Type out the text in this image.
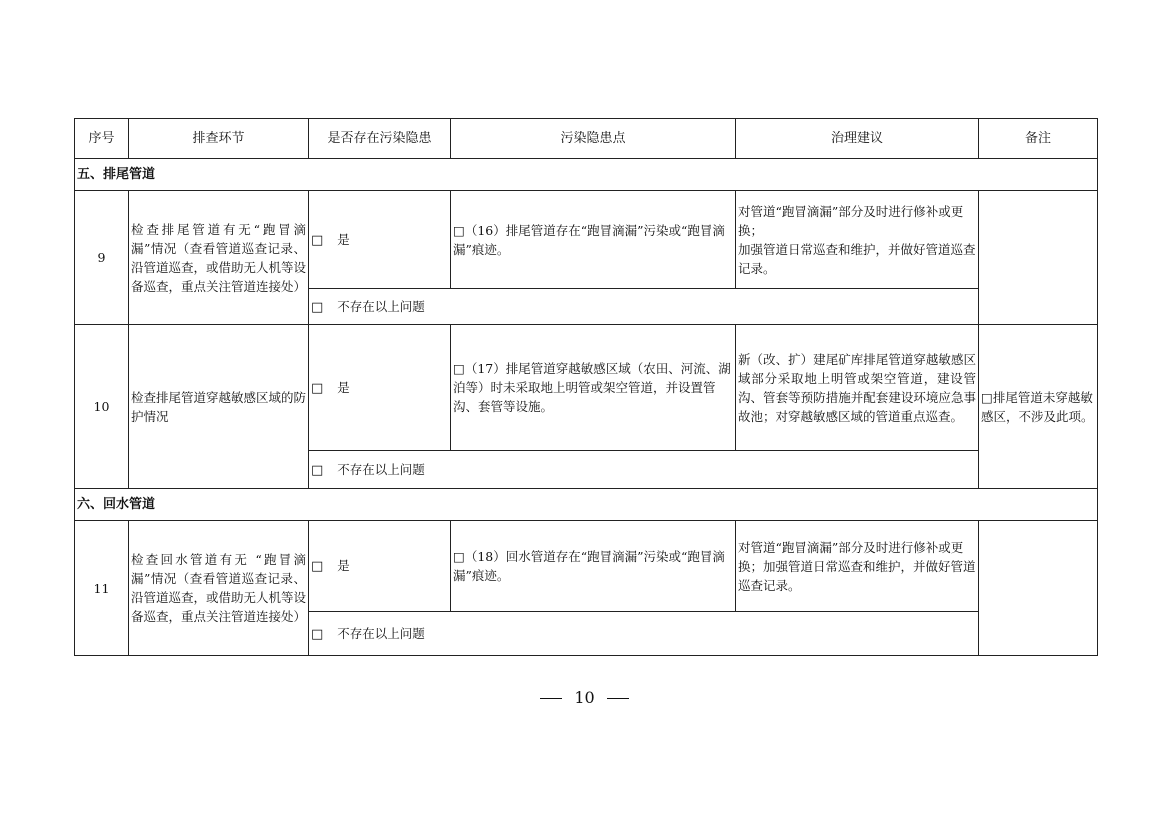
序号	排查环节	是否存在污染隐患	污染隐患点	治理建议	备注
五、排尾管道					
9	检查排尾管道有无“跑冒滴漏”情况（查看管道巡查记录、沿管道巡查，或借助无人机等设备巡查，重点关注管道连接处）	□ 是	□（16）排尾管道存在“跑冒滴漏”污染或“跑冒滴漏”痕迹。	对管道“跑冒滴漏”部分及时进行修补或更换；
加强管道日常巡查和维护，并做好管道巡查记录。	
		□ 不存在以上问题			
10	检查排尾管道穿越敏感区域的防护情况	□ 是	□（17）排尾管道穿越敏感区域（农田、河流、湖泊等）时未采取地上明管或架空管道，并设置管沟、套管等设施。	新（改、扩）建尾矿库排尾管道穿越敏感区域部分采取地上明管或架空管道，建设管沟、管套等预防措施并配套建设环境应急事故池；对穿越敏感区域的管道重点巡查。	□排尾管道未穿越敏感区，不涉及此项。
		□ 不存在以上问题			
六、回水管道					
11	检查回水管道有无 “跑冒滴漏”情况（查看管道巡查记录、沿管道巡查，或借助无人机等设备巡查，重点关注管道连接处）	□ 是	□（18）回水管道存在“跑冒滴漏”污染或“跑冒滴漏”痕迹。	对管道“跑冒滴漏”部分及时进行修补或更换；加强管道日常巡查和维护，并做好管道巡查记录。	
		□ 不存在以上问题			
10
